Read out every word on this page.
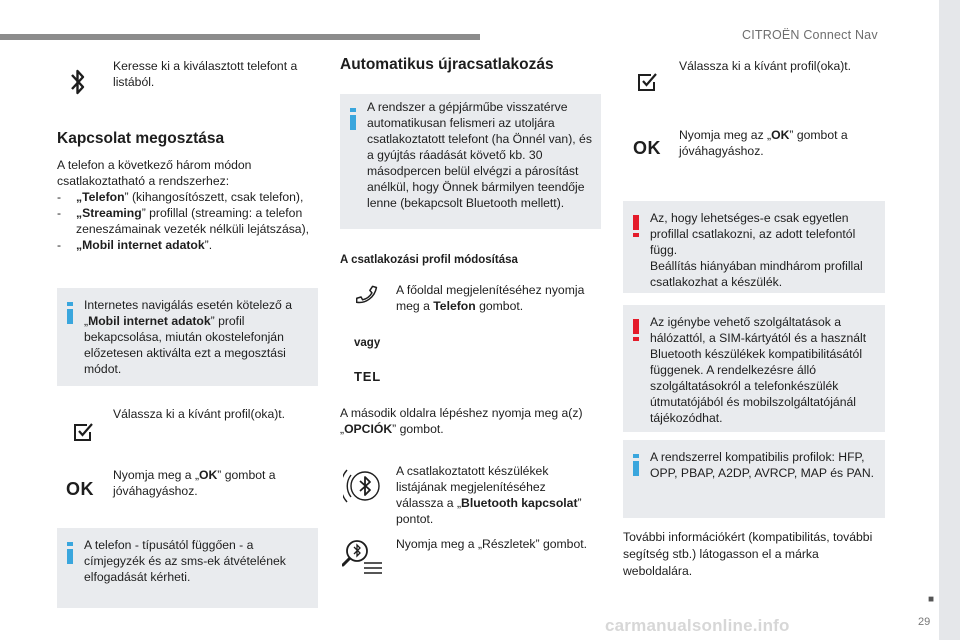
CITROËN Connect Nav
■
29
carmanualsonline.info
Keresse ki a kiválasztott telefont a listából.
Kapcsolat megosztása
A telefon a következő három módon csatlakoztatható a rendszerhez:
- „Telefon” (kihangosítószett, csak telefon),
- „Streaming” profillal (streaming: a telefon zeneszámainak vezeték nélküli lejátszása),
- „Mobil internet adatok”.
Internetes navigálás esetén kötelező a „Mobil internet adatok” profil bekapcsolása, miután okostelefonján előzetesen aktiválta ezt a megosztási módot.
Válassza ki a kívánt profil(oka)t.
OK
Nyomja meg a „OK” gombot a jóváhagyáshoz.
A telefon - típusától függően - a címjegyzék és az sms-ek átvételének elfogadását kérheti.
Automatikus újracsatlakozás
A rendszer a gépjárműbe visszatérve automatikusan felismeri az utoljára csatlakoztatott telefont (ha Önnél van), és a gyújtás ráadását követő kb. 30 másodpercen belül elvégzi a párosítást anélkül, hogy Önnek bármilyen teendője lenne (bekapcsolt Bluetooth mellett).
A csatlakozási profil módosítása
A főoldal megjelenítéséhez nyomja meg a Telefon gombot.
vagy
TEL
A második oldalra lépéshez nyomja meg a(z) „OPCIÓK” gombot.
A csatlakoztatott készülékek listájának megjelenítéséhez válassza a „Bluetooth kapcsolat” pontot.
Nyomja meg a „Részletek” gombot.
Válassza ki a kívánt profil(oka)t.
OK
Nyomja meg az „OK” gombot a jóváhagyáshoz.
Az, hogy lehetséges-e csak egyetlen profillal csatlakozni, az adott telefontól függ.
Beállítás hiányában mindhárom profillal csatlakozhat a készülék.
Az igénybe vehető szolgáltatások a hálózattól, a SIM-kártyától és a használt Bluetooth készülékek kompatibilitásától függenek. A rendelkezésre álló szolgáltatásokról a telefonkészülék útmutatójából és mobilszolgáltatójánál tájékozódhat.
A rendszerrel kompatibilis profilok: HFP, OPP, PBAP, A2DP, AVRCP, MAP és PAN.
További információkért (kompatibilitás, további segítség stb.) látogasson el a márka weboldalára.
